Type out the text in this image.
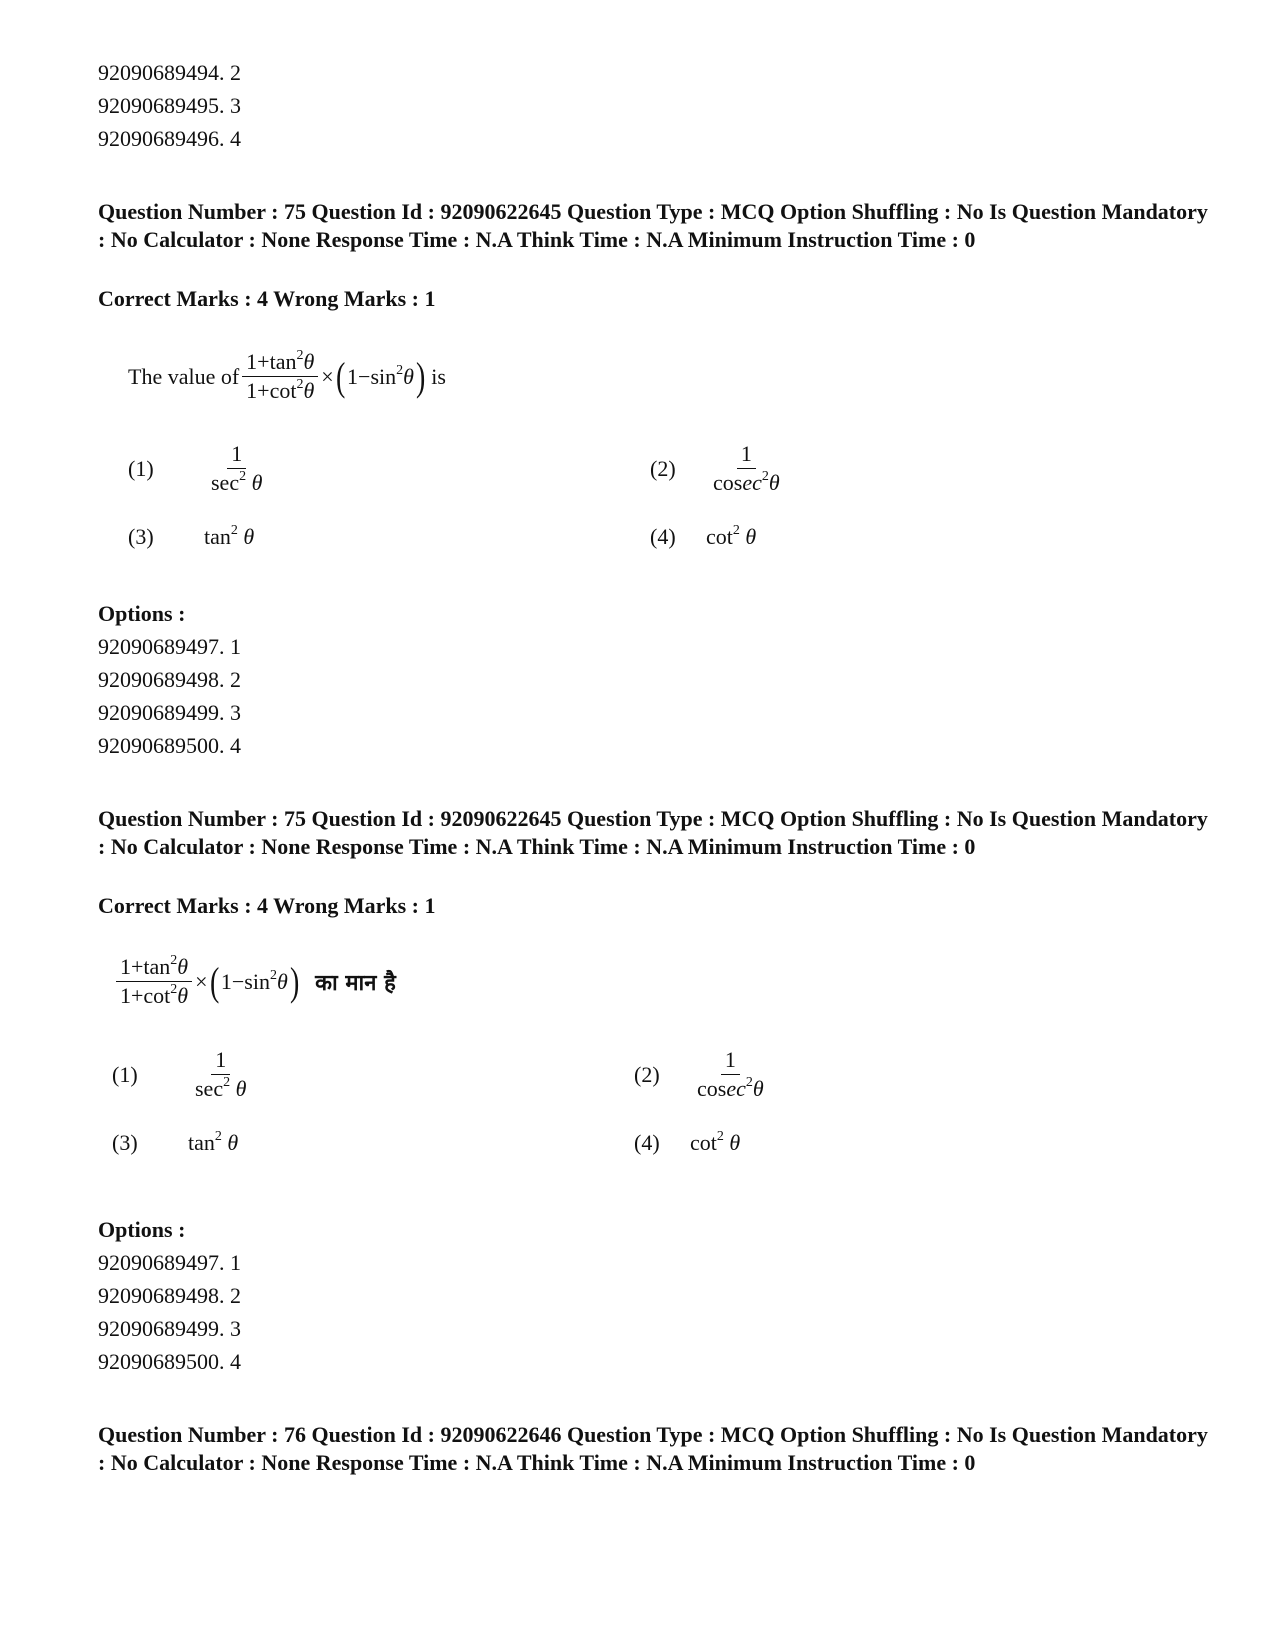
92090689494. 2
92090689495. 3
92090689496. 4
Question Number : 75 Question Id : 92090622645 Question Type : MCQ Option Shuffling : No Is Question Mandatory : No Calculator : None Response Time : N.A Think Time : N.A Minimum Instruction Time : 0
Correct Marks : 4 Wrong Marks : 1
The value of $\frac{1+\tan^2\theta}{1+\cot^2\theta}$ × ( $1-\sin^2\theta$ ) is
(1)	$\frac{1}{\sec^2 \theta}$	(2)	$\frac{1}{cosec^2\theta}$
(3)	$\tan^2 \theta$	(4)	$\cot^2 \theta$
Options :
92090689497. 1
92090689498. 2
92090689499. 3
92090689500. 4
Question Number : 75 Question Id : 92090622645 Question Type : MCQ Option Shuffling : No Is Question Mandatory : No Calculator : None Response Time : N.A Think Time : N.A Minimum Instruction Time : 0
Correct Marks : 4 Wrong Marks : 1
$\frac{1+\tan^2\theta}{1+\cot^2\theta}$ × ( $1-\sin^2\theta$ ) का मान है
(1)	$\frac{1}{\sec^2 \theta}$	(2)	$\frac{1}{cosec^2\theta}$
(3)	$\tan^2 \theta$	(4)	$\cot^2 \theta$
Options :
92090689497. 1
92090689498. 2
92090689499. 3
92090689500. 4
Question Number : 76 Question Id : 92090622646 Question Type : MCQ Option Shuffling : No Is Question Mandatory : No Calculator : None Response Time : N.A Think Time : N.A Minimum Instruction Time : 0
